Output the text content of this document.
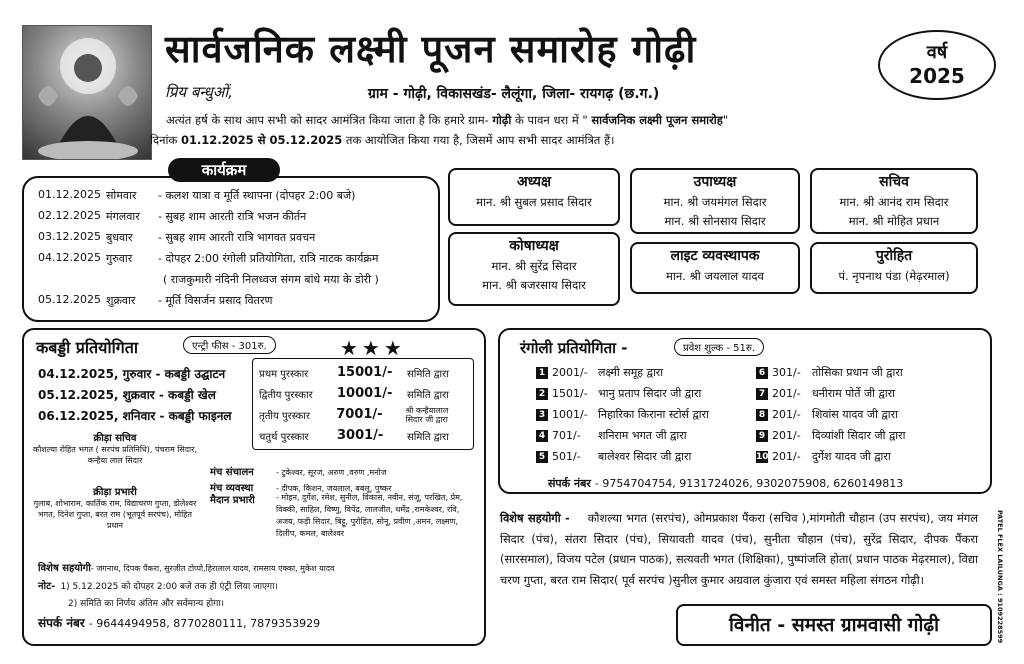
सार्वजनिक लक्ष्मी पूजन समारोह गोढ़ी	वर्ष
2025
प्रिय बन्धुओं,	ग्राम - गोढ़ी, विकासखंड- लैलूंगा, जिला- रायगढ़ (छ.ग.)
अत्यंत हर्ष के साथ आप सभी को सादर आमंत्रित किया जाता है कि हमारे ग्राम- गोढ़ी के पावन धरा में " सार्वजनिक लक्ष्मी पूजन समारोह"
दिनांक 01.12.2025 से 05.12.2025 तक आयोजित किया गया है, जिसमें आप सभी सादर आमंत्रित हैं।
कार्यक्रम
01.12.2025 सोमवार	- कलश यात्रा व मूर्ति स्थापना (दोपहर 2:00 बजे)
02.12.2025 मंगलवार	- सुबह शाम आरती रात्रि भजन कीर्तन
03.12.2025 बुधवार	- सुबह शाम आरती रात्रि भागवत प्रवचन
04.12.2025 गुरुवार	- दोपहर 2:00 रंगोली प्रतियोगिता, रात्रि नाटक कार्यक्रम
( राजकुमारी नंदिनी निलध्वज संगम बांधे मया के डोरी )
05.12.2025 शुक्रवार	- मूर्ति विसर्जन प्रसाद वितरण
अध्यक्ष
मान. श्री सुबल प्रसाद सिदार
उपाध्यक्ष
मान. श्री जयमंगल सिदार
मान. श्री सोनसाय सिदार
सचिव
मान. श्री आनंद राम सिदार
मान. श्री मोहित प्रधान
कोषाध्यक्ष
मान. श्री सुरेंद्र सिदार
मान. श्री बजरसाय सिदार
लाइट व्यवस्थापक
मान. श्री जयलाल यादव
पुरोहित
पं. नृपनाथ पंडा (मेढ़रमाल)
कबड्डी प्रतियोगिता	एन्ट्री फीस - 301रु.	★★★
04.12.2025, गुरुवार - कबड्डी उद्घाटन
05.12.2025, शुक्रवार - कबड्डी खेल
06.12.2025, शनिवार - कबड्डी फाइनल
प्रथम पुरस्कार	15001/-	समिति द्वारा
द्वितीय पुरस्कार	10001/-	समिति द्वारा
तृतीय पुरस्कार	7001/-	श्री कन्हैयालाल सिदार जी द्वारा
चतुर्थ पुरस्कार	3001/-	समिति द्वारा
क्रीड़ा सचिव
कौशल्या रोहित भगत ( सरपंच प्रतिनिधि), पंचराम सिदार, कन्हैया लाल सिदार
क्रीड़ा प्रभारी
गुलाब, शोभाराम, कार्तिक राम, विद्याचरण गुप्ता, डोलेश्वर भगत, दिनेश गुप्ता, बरत राम (भूतपूर्व सरपंच), मोहित प्रधान
मंच संचालन	- टुकेश्वर, सूरज, अरुण ,वरुण ,मनोज
मंच व्यवस्था	- दीपक, किशन, जयलाल, बबलू, पुष्कर
मैदान प्रभारी	- मोहन, दुर्गेश, रमेश, सुनील, विकास, नवीन, संजू, परखित, प्रेम, विक्की, साहिल, विष्णु, विपेंद्र, लालजीत, धर्मेंद्र ,रामकेश्वर, रवि, अजय, फड़ी सिदार, बिट्टू, पुरोहित, सोनू, प्रवीण ,अमन, लक्ष्मण, दिलीप, कमल, बालेश्वर
विशेष सहयोगी- जगनाथ, दिपक पैंकरा, सुरजीत टोप्पो,हिरालाल यादव, रामसाय एक्का, मुकेश यादव
नोट- 1) 5.12.2025 को दोपहर 2:00 बजे तक ही एंट्री लिया जाएगा।
2) समिति का निर्णय अंतिम और सर्वमान्य होगा।
संपर्क नंबर - 9644494958, 8770280111, 7879353929
रंगोली प्रतियोगिता -	प्रवेश शुल्क - 51रु.
1 2001/- लक्ष्मी समूह द्वारा
2 1501/- भानु प्रताप सिदार जी द्वारा
3 1001/- निहारिका किराना स्टोर्स द्वारा
4 701/- शनिराम भगत जी द्वारा
5 501/- बालेश्वर सिदार जी द्वारा
6 301/- तोसिका प्रधान जी द्वारा
7 201/- धनीराम पोर्ते जी द्वारा
8 201/- शिवांस यादव जी द्वारा
9 201/- दिव्यांशी सिदार जी द्वारा
10 201/- दुर्गेश यादव जी द्वारा
संपर्क नंबर - 9754704754, 9131724026, 9302075908, 6260149813
विशेष सहयोगी - कौशल्या भगत (सरपंच), ओमप्रकाश पैंकरा (सचिव ),मांगमोती चौहान (उप सरपंच), जय मंगल सिदार (पंच), संतरा सिदार (पंच), सियावती यादव (पंच), सुनीता चौहान (पंच), सुरेंद्र सिदार, दीपक पैंकरा (सारसमाल), विजय पटेल (प्रधान पाठक), सत्यवती भगत (शिक्षिका), पुष्पांजलि होता( प्रधान पाठक मेढ़रमाल), विद्या चरण गुप्ता, बरत राम सिदार( पूर्व सरपंच )सुनील कुमार अग्रवाल कुंजारा एवं समस्त महिला संगठन गोढ़ी।
विनीत - समस्त ग्रामवासी गोढ़ी	PATEL FLEX LAILUNGA : 9109228599
